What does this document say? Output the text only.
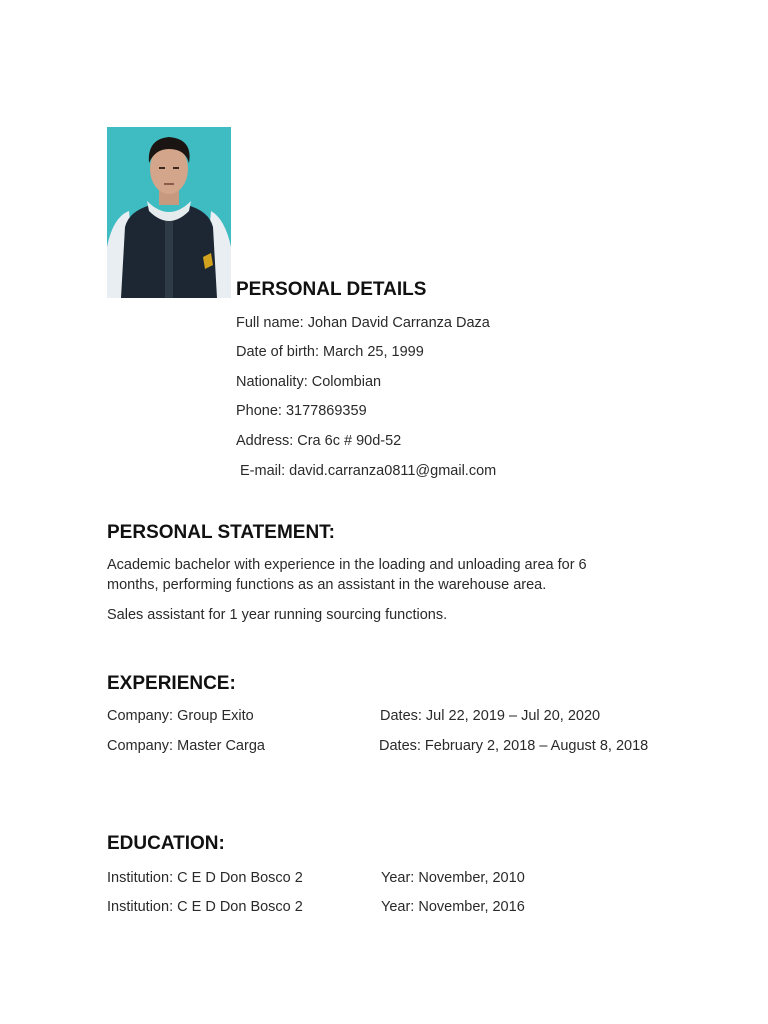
PERSONAL DETAILS
Full name: Johan David Carranza Daza
Date of birth: March 25, 1999
Nationality: Colombian
Phone: 3177869359
Address: Cra 6c # 90d-52
E-mail: david.carranza0811@gmail.com
PERSONAL STATEMENT:
Academic bachelor with experience in the loading and unloading area for 6
months, performing functions as an assistant in the warehouse area.
Sales assistant for 1 year running sourcing functions.
EXPERIENCE:
Company: Group Exito	Dates: Jul 22, 2019 – Jul 20, 2020
Company: Master Carga	Dates: February 2, 2018 – August 8, 2018
EDUCATION:
Institution: C E D Don Bosco 2	Year: November, 2010
Institution: C E D Don Bosco 2	Year: November, 2016
